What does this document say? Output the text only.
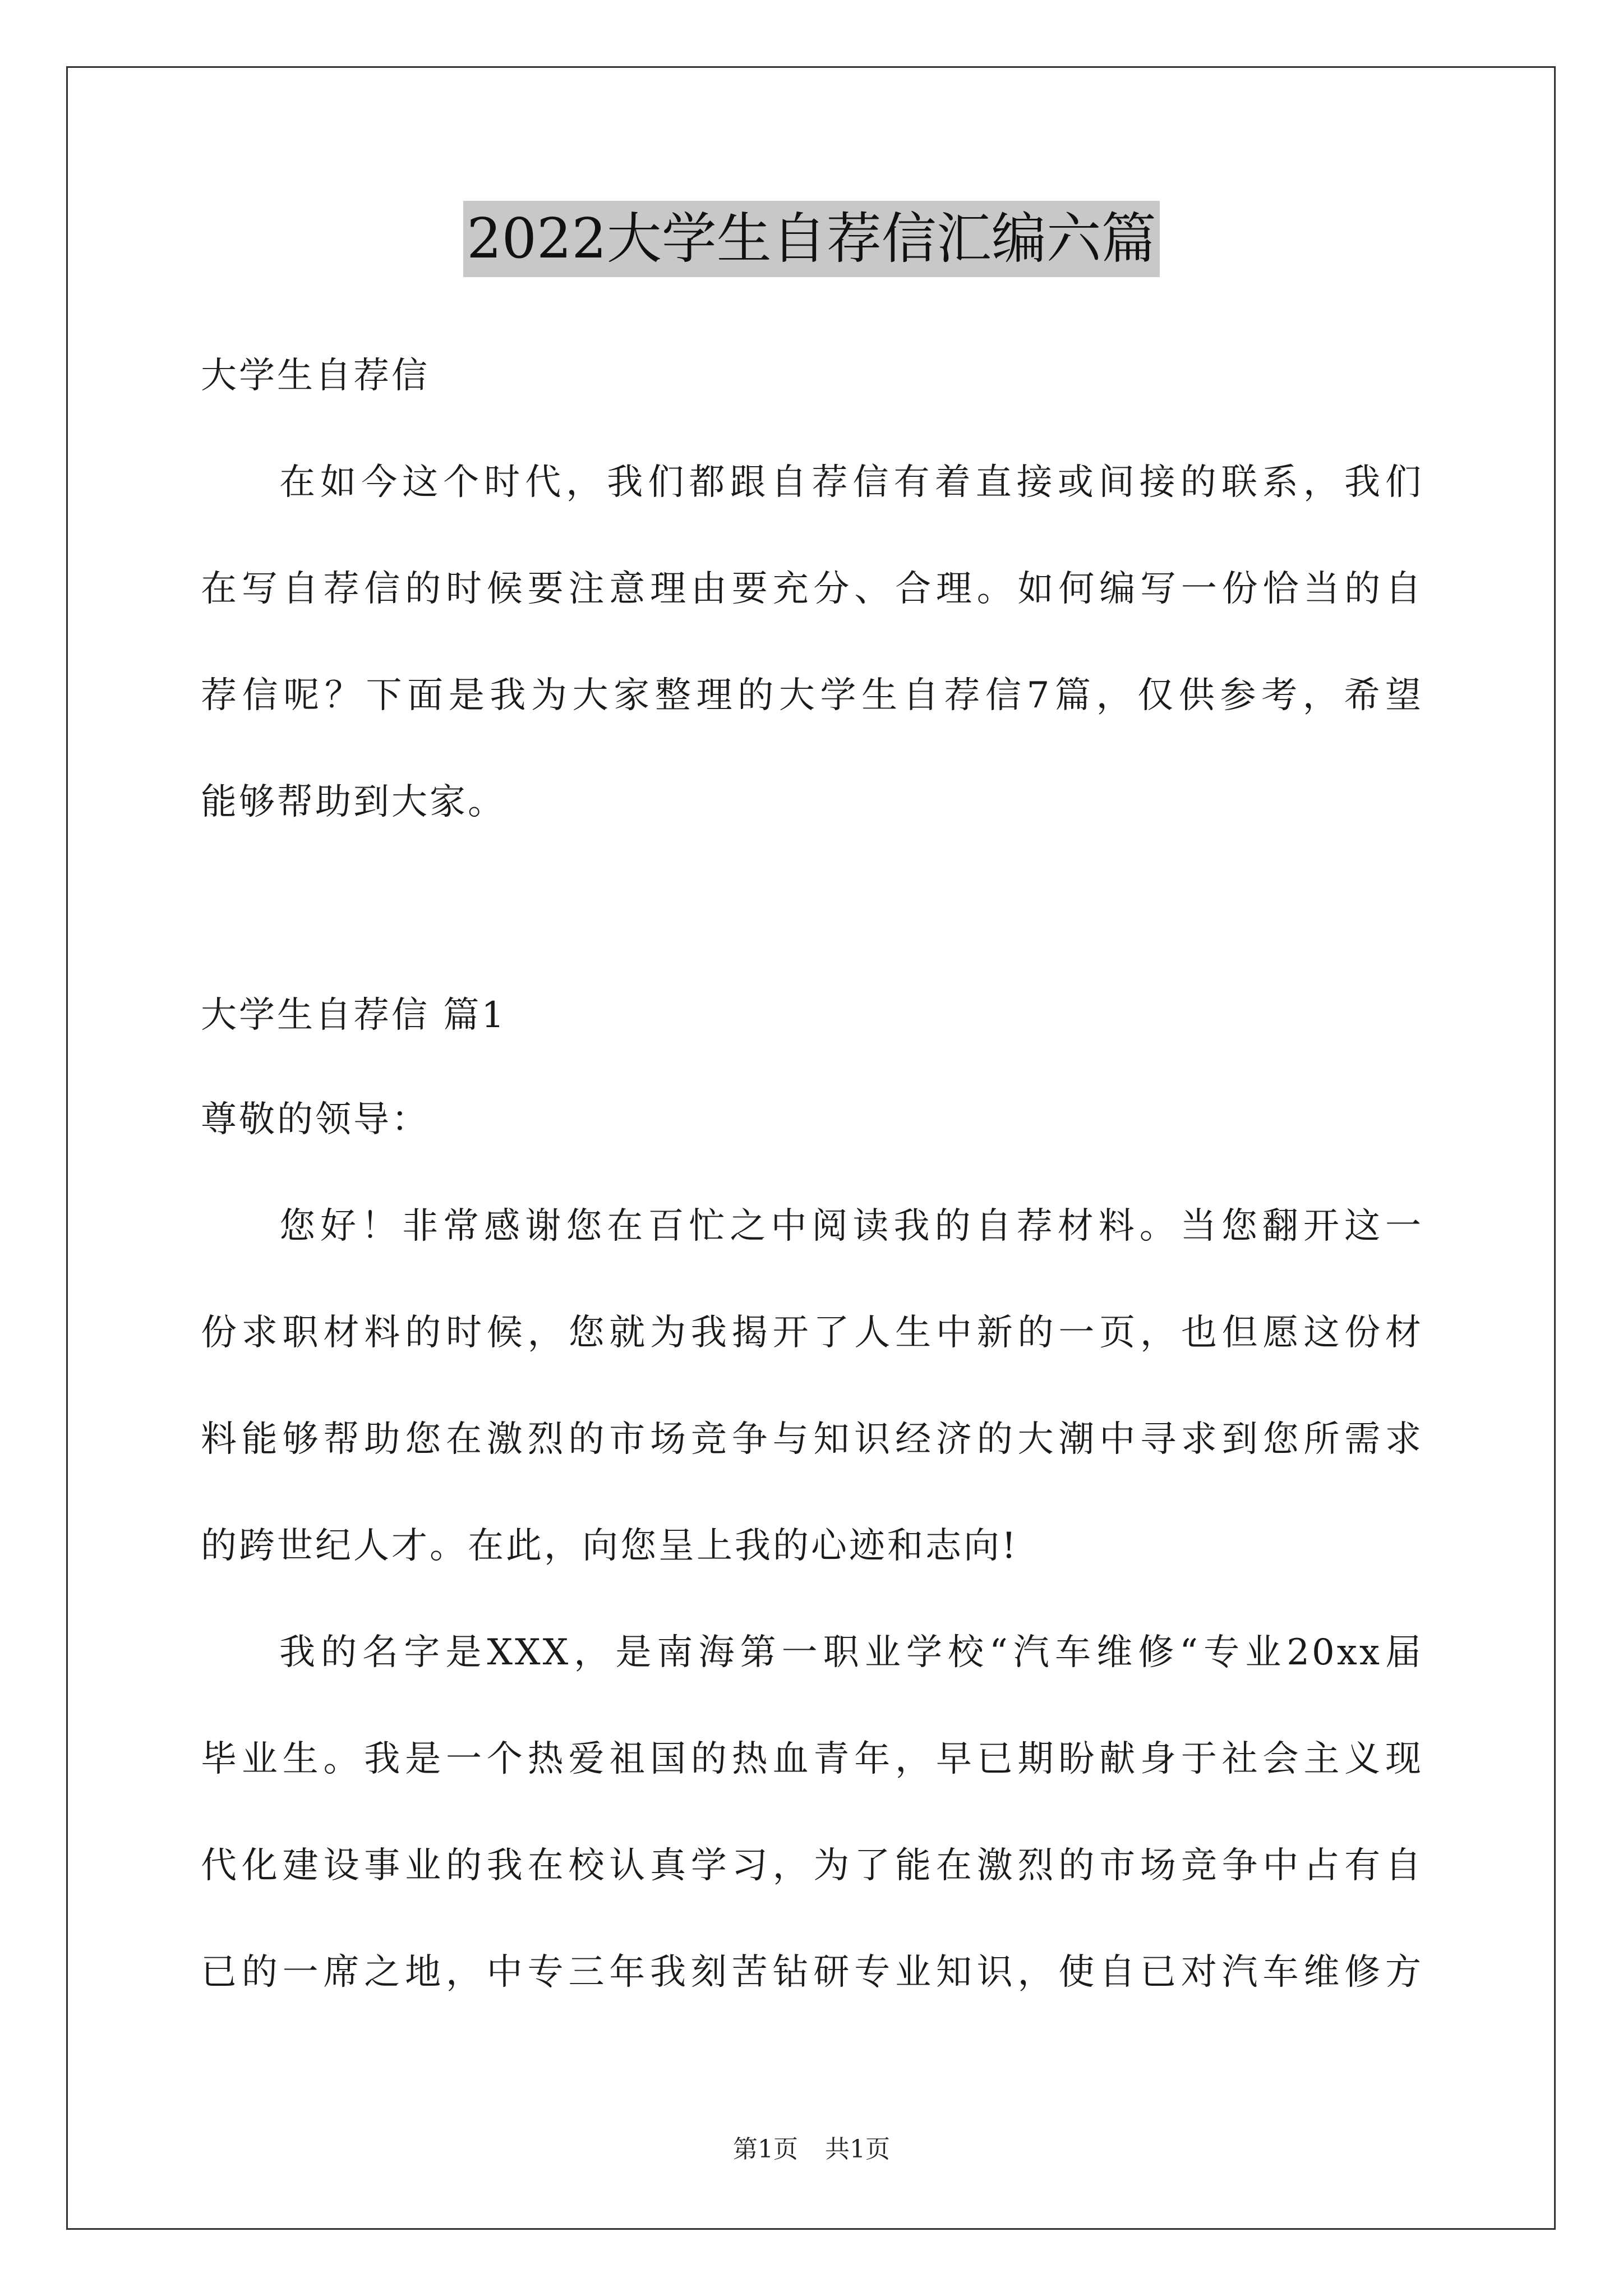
2022大学生自荐信汇编六篇
大学生自荐信
在如今这个时代，我们都跟自荐信有着直接或间接的联系，我们
在写自荐信的时候要注意理由要充分、合理。如何编写一份恰当的自
荐信呢？下面是我为大家整理的大学生自荐信7篇，仅供参考，希望
能够帮助到大家。
大学生自荐信 篇1
尊敬的领导：
您好！非常感谢您在百忙之中阅读我的自荐材料。当您翻开这一
份求职材料的时候，您就为我揭开了人生中新的一页，也但愿这份材
料能够帮助您在激烈的市场竞争与知识经济的大潮中寻求到您所需求
的跨世纪人才。在此，向您呈上我的心迹和志向!
我的名字是XXX，是南海第一职业学校“汽车维修“专业20xx届
毕业生。我是一个热爱祖国的热血青年，早已期盼献身于社会主义现
代化建设事业的我在校认真学习，为了能在激烈的市场竞争中占有自
已的一席之地，中专三年我刻苦钻研专业知识，使自已对汽车维修方
第1页 共1页
